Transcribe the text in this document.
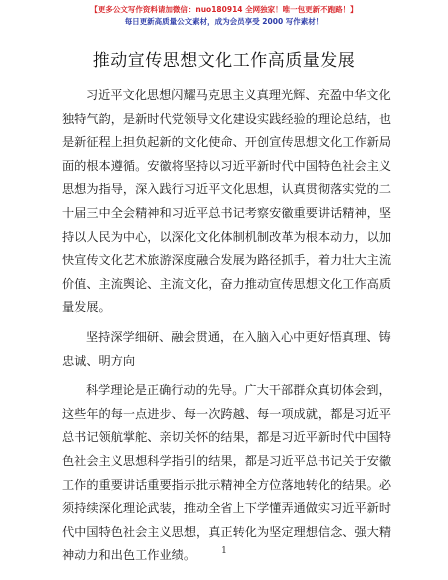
【更多公文写作资料请加微信：nuo180914 全网独家！唯一包更新不跑路！】
每日更新高质量公文素材，成为会员享受 2000 写作素材！
推动宣传思想文化工作高质量发展

习近平文化思想闪耀马克思主义真理光辉、充盈中华文化
独特气韵，是新时代党领导文化建设实践经验的理论总结，也
是新征程上担负起新的文化使命、开创宣传思想文化工作新局
面的根本遵循。安徽将坚持以习近平新时代中国特色社会主义
思想为指导，深入践行习近平文化思想，认真贯彻落实党的二
十届三中全会精神和习近平总书记考察安徽重要讲话精神，坚
持以人民为中心，以深化文化体制机制改革为根本动力，以加
快宣传文化艺术旅游深度融合发展为路径抓手，着力壮大主流
价值、主流舆论、主流文化，奋力推动宣传思想文化工作高质
量发展。

坚持深学细研、融会贯通，在入脑入心中更好悟真理、铸
忠诚、明方向

科学理论是正确行动的先导。广大干部群众真切体会到，
这些年的每一点进步、每一次跨越、每一项成就，都是习近平
总书记领航掌舵、亲切关怀的结果，都是习近平新时代中国特
色社会主义思想科学指引的结果，都是习近平总书记关于安徽
工作的重要讲话重要指示批示精神全方位落地转化的结果。必
须持续深化理论武装，推动全省上下学懂弄通做实习近平新时
代中国特色社会主义思想，真正转化为坚定理想信念、强大精
神动力和出色工作业绩。	1
